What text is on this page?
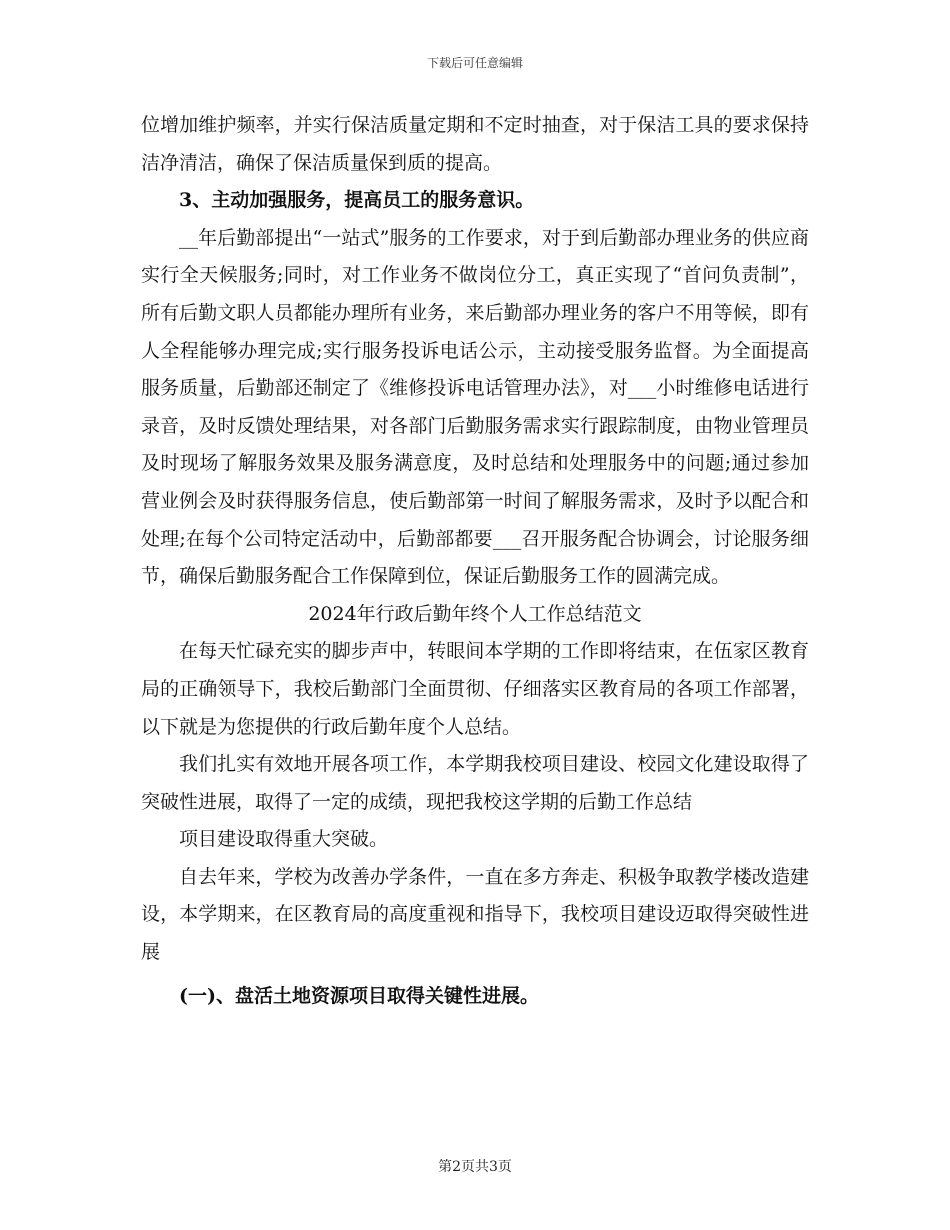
下载后可任意编辑

位增加维护频率，并实行保洁质量定期和不定时抽查，对于保洁工具的要求保持洁净清洁，确保了保洁质量保到质的提高。

3、主动加强服务，提高员工的服务意识。

__年后勤部提出“一站式”服务的工作要求，对于到后勤部办理业务的供应商实行全天候服务;同时，对工作业务不做岗位分工，真正实现了“首问负责制”，所有后勤文职人员都能办理所有业务，来后勤部办理业务的客户不用等候，即有人全程能够办理完成;实行服务投诉电话公示，主动接受服务监督。为全面提高服务质量，后勤部还制定了《维修投诉电话管理办法》，对___小时维修电话进行录音，及时反馈处理结果，对各部门后勤服务需求实行跟踪制度，由物业管理员及时现场了解服务效果及服务满意度，及时总结和处理服务中的问题;通过参加营业例会及时获得服务信息，使后勤部第一时间了解服务需求，及时予以配合和处理;在每个公司特定活动中，后勤部都要___召开服务配合协调会，讨论服务细节，确保后勤服务配合工作保障到位，保证后勤服务工作的圆满完成。

2024年行政后勤年终个人工作总结范文

在每天忙碌充实的脚步声中，转眼间本学期的工作即将结束，在伍家区教育局的正确领导下，我校后勤部门全面贯彻、仔细落实区教育局的各项工作部署，以下就是为您提供的行政后勤年度个人总结。

我们扎实有效地开展各项工作，本学期我校项目建设、校园文化建设取得了突破性进展，取得了一定的成绩，现把我校这学期的后勤工作总结

项目建设取得重大突破。

自去年来，学校为改善办学条件，一直在多方奔走、积极争取教学楼改造建设，本学期来，在区教育局的高度重视和指导下，我校项目建设迈取得突破性进展

(一)、盘活土地资源项目取得关键性进展。

第2页共3页
